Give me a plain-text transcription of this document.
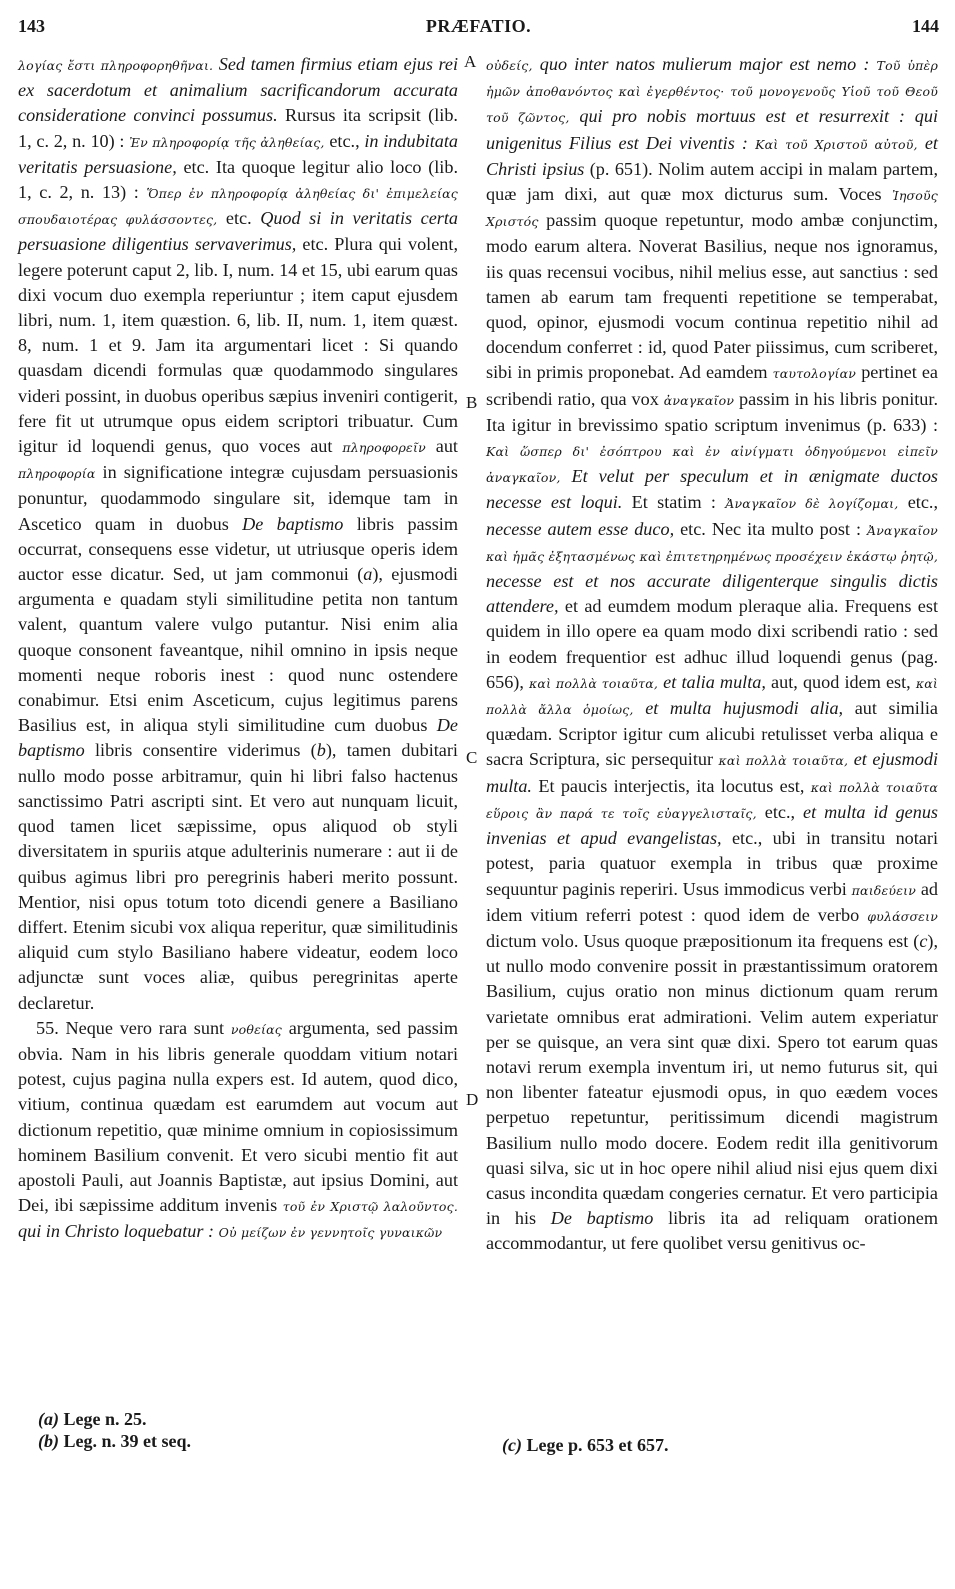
143	PRÆFATIO.	144
λογίας ἔστι πληροφορηθῆναι. Sed tamen firmius etiam ejus rei ex sacerdotum et animalium sacrificandorum accurata consideratione convinci possumus. Rursus ita scripsit (lib. 1, c. 2, n. 10) : Ἐν πληροφορίᾳ τῆς ἀληθείας, etc., in indubitata veritatis persuasione, etc. Ita quoque legitur alio loco (lib. 1, c. 2, n. 13) : Ὅπερ ἐν πληροφορίᾳ ἀληθείας δι' ἐπιμελείας σπουδαιοτέρας φυλάσσοντες, etc. Quod si in veritatis certa persuasione diligentius servaverimus, etc. Plura qui volent, legere poterunt caput 2, lib. I, num. 14 et 15, ubi earum quas dixi vocum duo exempla reperiuntur ; item caput ejusdem libri, num. 1, item quæstion. 6, lib. II, num. 1, item quæst. 8, num. 1 et 9. Jam ita argumentari licet : Si quando quasdam dicendi formulas quæ quodammodo singulares videri possint, in duobus operibus sæpius inveniri contigerit, fere fit ut utrumque opus eidem scriptori tribuatur. Cum igitur id loquendi genus, quo voces aut πληροφορεῖν aut πληροφορία in significatione integræ cujusdam persuasionis ponuntur, quodammodo singulare sit, idemque tam in Ascetico quam in duobus De baptismo libris passim occurrat, consequens esse videtur, ut utriusque operis idem auctor esse dicatur. Sed, ut jam commonui (a), ejusmodi argumenta e quadam styli similitudine petita non tantum valent, quantum valere vulgo putantur. Nisi enim alia quoque consonent faveantque, nihil omnino in ipsis neque momenti neque roboris inest : quod nunc ostendere conabimur. Etsi enim Asceticum, cujus legitimus parens Basilius est, in aliqua styli similitudine cum duobus De baptismo libris consentire viderimus (b), tamen dubitari nullo modo posse arbitramur, quin hi libri falso hactenus sanctissimo Patri ascripti sint. Et vero aut nunquam licuit, quod tamen licet sæpissime, opus aliquod ob styli diversitatem in spuriis atque adulterinis numerare : aut ii de quibus agimus libri pro peregrinis haberi merito possunt. Mentior, nisi opus totum toto dicendi genere a Basiliano differt. Etenim sicubi vox aliqua reperitur, quæ similitudinis aliquid cum stylo Basiliano habere videatur, eodem loco adjunctæ sunt voces aliæ, quibus peregrinitas aperte declaretur.
55. Neque vero rara sunt νοθείας argumenta, sed passim obvia. Nam in his libris generale quoddam vitium notari potest, cujus pagina nulla expers est. Id autem, quod dico, vitium, continua quædam est earumdem aut vocum aut dictionum repetitio, quæ minime omnium in copiosissimum hominem Basilium convenit. Et vero sicubi mentio fit aut apostoli Pauli, aut Joannis Baptistæ, aut ipsius Domini, aut Dei, ibi sæpissime additum invenis τοῦ ἐν Χριστῷ λαλοῦντος. qui in Christo loquebatur : Οὐ μείζων ἐν γεννητοῖς γυναικῶν
οὐδείς, quo inter natos mulierum major est nemo : Τοῦ ὑπὲρ ἡμῶν ἀποθανόντος καὶ ἐγερθέντος· τοῦ μονογενοῦς Υἱοῦ τοῦ Θεοῦ τοῦ ζῶντος, qui pro nobis mortuus est et resurrexit : qui unigenitus Filius est Dei viventis : Καὶ τοῦ Χριστοῦ αὐτοῦ, et Christi ipsius (p. 651). Nolim autem accipi in malam partem, quæ jam dixi, aut quæ mox dicturus sum. Voces Ἰησοῦς Χριστός passim quoque repetuntur, modo ambæ conjunctim, modo earum altera. Noverat Basilius, neque nos ignoramus, iis quas recensui vocibus, nihil melius esse, aut sanctius : sed tamen ab earum tam frequenti repetitione se temperabat, quod, opinor, ejusmodi vocum continua repetitio nihil ad docendum conferret : id, quod Pater piissimus, cum scriberet, sibi in primis proponebat. Ad eamdem ταυτολογίαν pertinet ea scribendi ratio, qua vox ἀναγκαῖον passim in his libris ponitur. Ita igitur in brevissimo spatio scriptum invenimus (p. 633) : Καὶ ὥσπερ δι' ἐσόπτρου καὶ ἐν αἰνίγματι ὁδηγούμενοι εἰπεῖν ἀναγκαῖον, Et velut per speculum et in ænigmate ductos necesse est loqui. Et statim : Ἀναγκαῖον δὲ λογίζομαι, etc., necesse autem esse duco, etc. Nec ita multo post : Ἀναγκαῖον καὶ ἡμᾶς ἐξητασμένως καὶ ἐπιτετηρημένως προσέχειν ἑκάστῳ ῥητῷ, necesse est et nos accurate diligenterque singulis dictis attendere, et ad eumdem modum pleraque alia. Frequens est quidem in illo opere ea quam modo dixi scribendi ratio : sed in eodem frequentior est adhuc illud loquendi genus (pag. 656), καὶ πολλὰ τοιαῦτα, et talia multa, aut, quod idem est, καὶ πολλὰ ἄλλα ὁμοίως, et multa hujusmodi alia, aut similia quædam. Scriptor igitur cum alicubi retulisset verba aliqua e sacra Scriptura, sic persequitur καὶ πολλὰ τοιαῦτα, et ejusmodi multa. Et paucis interjectis, ita locutus est, καὶ πολλὰ τοιαῦτα εὕροις ἂν παρά τε τοῖς εὐαγγελισταῖς, etc., et multa id genus invenias et apud evangelistas, etc., ubi in transitu notari potest, paria quatuor exempla in tribus quæ proxime sequuntur paginis reperiri. Usus immodicus verbi παιδεύειν ad idem vitium referri potest : quod idem de verbo φυλάσσειν dictum volo. Usus quoque præpositionum ita frequens est (c), ut nullo modo convenire possit in præstantissimum oratorem Basilium, cujus oratio non minus dictionum quam rerum varietate omnibus erat admirationi. Velim autem experiatur per se quisque, an vera sint quæ dixi. Spero tot earum quas notavi rerum exempla inventum iri, ut nemo futurus sit, qui non libenter fateatur ejusmodi opus, in quo eædem voces perpetuo repetuntur, peritissimum dicendi magistrum Basilium nullo modo docere. Eodem redit illa genitivorum quasi silva, sic ut in hoc opere nihil aliud nisi ejus quem dixi casus incondita quædam congeries cernatur. Et vero participia in his De baptismo libris ita ad reliquam orationem accommodantur, ut fere quolibet versu genitivus oc-
A
B
C
D
(a) Lege n. 25.
(b) Leg. n. 39 et seq.	(c) Lege p. 653 et 657.
